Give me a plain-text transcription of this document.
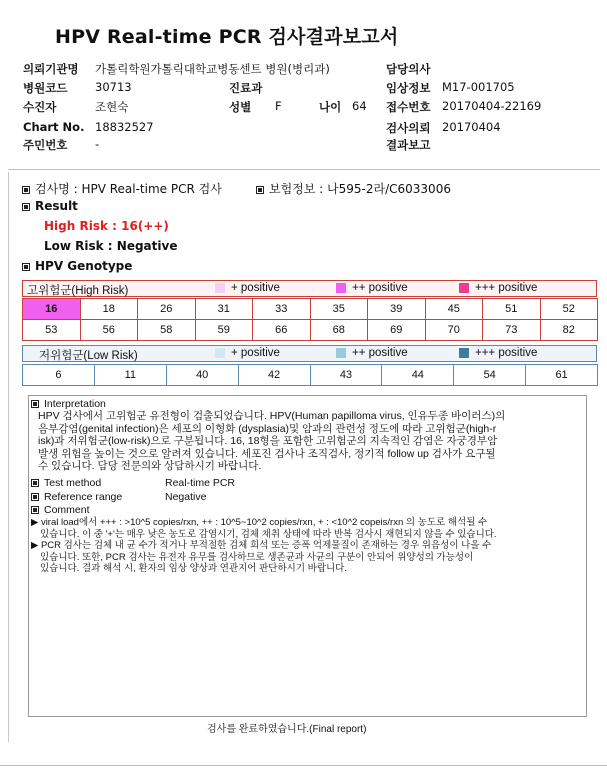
HPV Real-time PCR 검사결과보고서
의뢰기관명 가톨릭학원가톨릭대학교병동센트 병원(병리과)	담당의사
병원코드 30713	진료과	임상정보 M17-001705
수진자	조현숙	성별 F	나이 64 접수번호 20170404-22169
Chart No. 18832527	검사의뢰 20170404
주민번호 -	결과보고
검사명 : HPV Real-time PCR 검사	보험정보 : 나595-2라/C6033006
Result
High Risk : 16(++)
Low Risk : Negative
HPV Genotype
고위험군(High Risk)	+ positive	++ positive	+++ positive
16	18	26	31	33	35	39	45	51	52
53	56	58	59	66	68	69	70	73	82
저위험군(Low Risk)	+ positive	++ positive	+++ positive
6	11	40	42	43	44	54	61
Interpretation
HPV 검사에서 고위험군 유전형이 검출되었습니다. HPV(Human papilloma virus, 인유두종 바이러스)의
음부감염(genital infection)은 세포의 이형화 (dysplasia)및 암과의 관련성 정도에 따라 고위험군(high-r
isk)과 저위험군(low-risk)으로 구분됩니다. 16, 18형을 포함한 고위험군의 지속적인 감염은 자궁경부암
발생 위험을 높이는 것으로 알려져 있습니다. 세포진 검사나 조직검사, 정기적 follow up 검사가 요구될
수 있습니다. 담당 전문의와 상담하시기 바랍니다.
Test method	Real-time PCR
Reference range	Negative
Comment
▶ viral load에서 +++ : >10^5 copies/rxn, ++ : 10^5~10^2 copies/rxn, + : <10^2 copeis/rxn 의 농도로 해석될 수
있습니다. 이 중 '+'는 매우 낮은 농도로 감염시기, 검체 채취 상태에 따라 반복 검사시 재현되지 않을 수 있습니다.
▶ PCR 검사는 검체 내 균 수가 적거나 부적절한 검체 희석 또는 증폭 억제물질이 존재하는 경우 위음성이 나올 수
있습니다. 또한, PCR 검사는 유전자 유무를 검사하므로 생존균과 사균의 구분이 안되어 위양성의 가능성이
있습니다. 결과 해석 시, 환자의 임상 양상과 연관지어 판단하시기 바랍니다.
검사를 완료하였습니다.(Final report)
